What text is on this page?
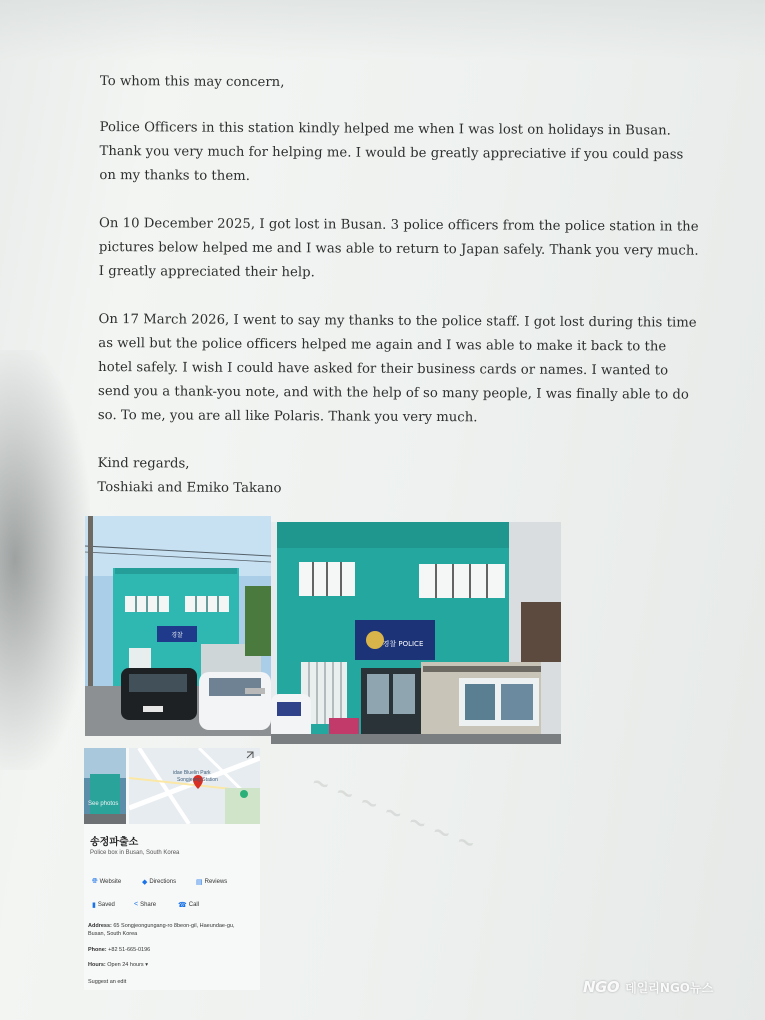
To whom this may concern,

Police Officers in this station kindly helped me when I was lost on holidays in Busan. Thank you very much for helping me. I would be greatly appreciative if you could pass on my thanks to them.

On 10 December 2025, I got lost in Busan. 3 police officers from the police station in the pictures below helped me and I was able to return to Japan safely. Thank you very much. I greatly appreciated their help.

On 17 March 2026, I went to say my thanks to the police staff. I got lost during this time as well but the police officers helped me again and I was able to make it back to the hotel safely. I wish I could have asked for their business cards or names. I wanted to send you a thank-you note, and with the help of so many people, I was finally able to do so. To me, you are all like Polaris. Thank you very much.

Kind regards,

Toshiaki and Emiko Takano

경찰
경찰 POLICE
See photos
idae Bluelin Park
Songjeong Station
송정파출소
Police box in Busan, South Korea
🌐︎ Website	◆ Directions	▤ Reviews
▮ Saved	< Share	☎︎ Call
Address: 65 Songjeongungang-ro 8beon-gil, Haeundae-gu, Busan, South Korea
Phone: +82 51-665-0196
Hours: Open 24 hours ▾
Suggest an edit
~ ~ ~ ~ ~ ~ ~
NGO 데일리NGO뉴스
